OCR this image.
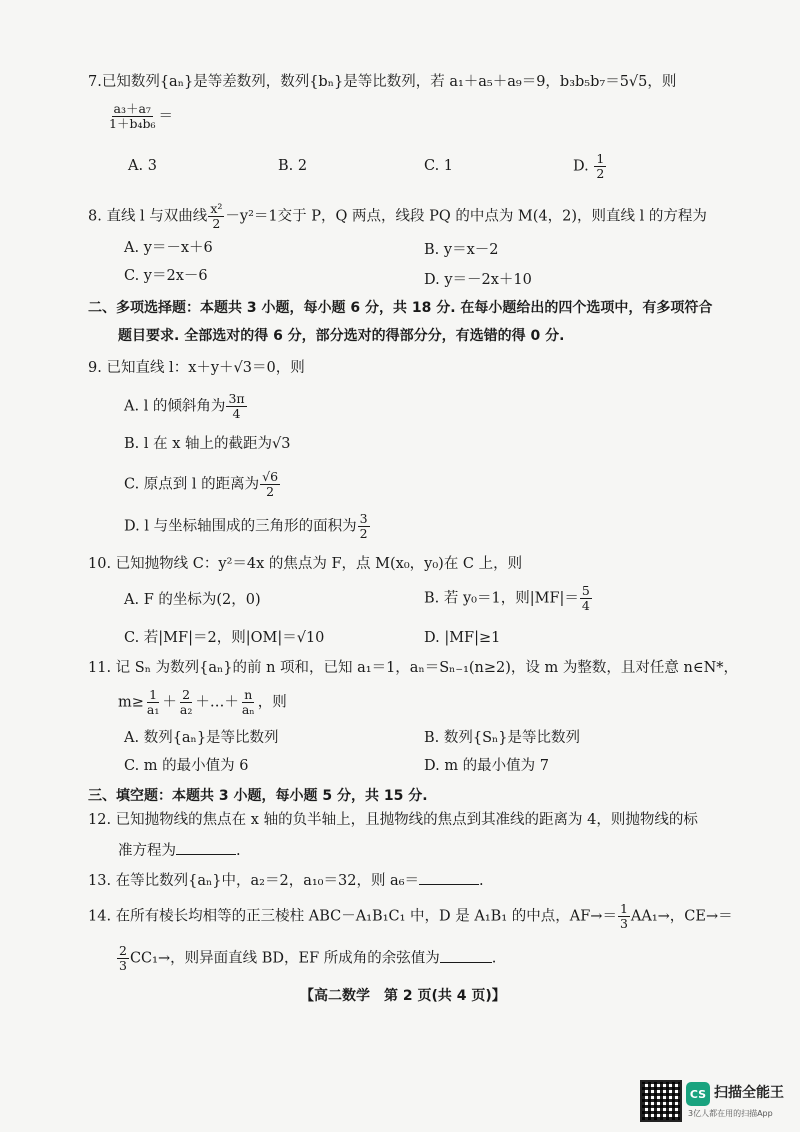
7.已知数列{aₙ}是等差数列，数列{bₙ}是等比数列，若 a₁＋a₅＋a₉＝9，b₃b₅b₇＝5√5，则
$\frac{\text{a₃＋a₇}}{\text{1＋b₄b₆}}$ ＝
A. 3	B. 2	C. 1	D. $\frac{1}{2}$
8. 直线 l 与双曲线 $\frac{\text{x²}}{2} -y^2=1$交于 P，Q 两点，线段 PQ 的中点为 M(4，2)，则直线 l 的方程为
A. y＝－x＋6	B. y＝x－2
C. y＝2x－6	D. y＝－2x＋10
二、多项选择题：本题共 3 小题，每小题 6 分，共 18 分. 在每小题给出的四个选项中，有多项符合
题目要求. 全部选对的得 6 分，部分选对的得部分分，有选错的得 0 分.
9. 已知直线 l：x＋y＋√3＝0，则
A. l 的倾斜角为 $\frac{3\pi}{4}$
B. l 在 x 轴上的截距为√3
C. 原点到 l 的距离为 $\frac{√6}{2}$
D. l 与坐标轴围成的三角形的面积为 $\frac{3}{2}$
10. 已知抛物线 C：y²＝4x 的焦点为 F，点 M(x₀，y₀)在 C 上，则
A. F 的坐标为(2，0)	B. 若 y₀＝1，则$|MF|= \frac{5}{4}$
C. 若|MF|＝2，则|OM|＝√10	D. |MF|≥1
11. 记 Sₙ 为数列{aₙ}的前 n 项和，已知 a₁＝1，aₙ＝Sₙ₋₁(n≥2)，设 m 为整数，且对任意 n∈N*，
$m\ge \frac{1}{\text{a₁}} + \frac{2}{\text{a₂}}$ ＋…＋ $\frac{n}{\text{aₙ}}$ ，则
A. 数列{aₙ}是等比数列	B. 数列{Sₙ}是等比数列
C. m 的最小值为 6	D. m 的最小值为 7
三、填空题：本题共 3 小题，每小题 5 分，共 15 分.
12. 已知抛物线的焦点在 x 轴的负半轴上，且抛物线的焦点到其准线的距离为 4，则抛物线的标
准方程为	.
13. 在等比数列{aₙ}中，a₂＝2，a₁₀＝32，则 a₆＝	.
14. 在所有棱长均相等的正三棱柱 ABC－A₁B₁C₁ 中，D 是 A₁B₁ 的中点，$AF\to= \frac{1}{3} AA_1\to$，CE→＝
$\frac{2}{3} CC_1\to$，则异面直线 BD，EF 所成角的余弦值为	.
【高二数学　第 2 页(共 4 页)】
CS 扫描全能王
3亿人都在用的扫描App
